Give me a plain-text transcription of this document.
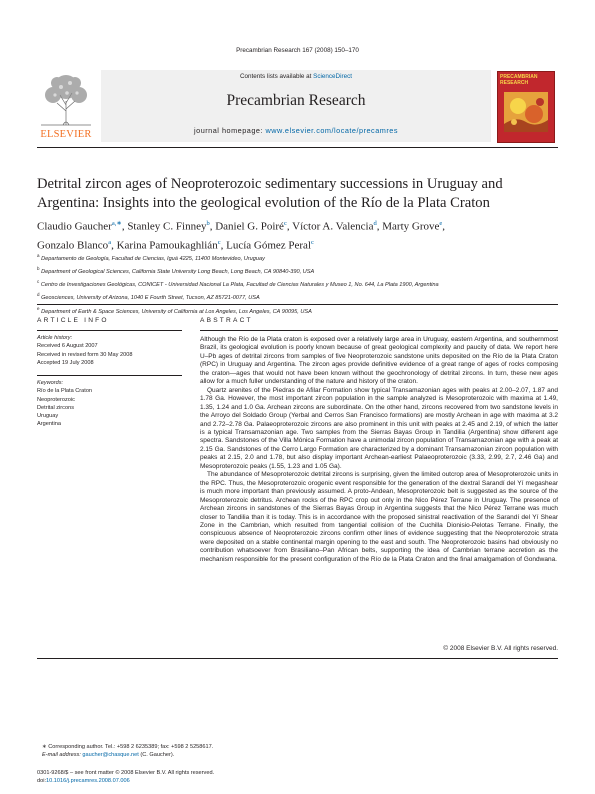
Precambrian Research 167 (2008) 150–170
ELSEVIER
Contents lists available at ScienceDirect
Precambrian Research
journal homepage: www.elsevier.com/locate/precamres
PRECAMBRIAN RESEARCH
Detrital zircon ages of Neoproterozoic sedimentary successions in Uruguay and
Argentina: Insights into the geological evolution of the Río de la Plata Craton
Claudio Gaucher$^{a,∗}$, Stanley C. Finney$^b$, Daniel G. Poiré$^c$, Víctor A. Valencia$^d$, Marty Grove$^e$,
Gonzalo Blanco$^a$, Karina Pamoukaghlián$^c$, Lucía Gómez Peral$^c$
$^a$ Departamento de Geología, Facultad de Ciencias, Iguá 4225, 11400 Montevideo, Uruguay
$^b$ Department of Geological Sciences, California State University Long Beach, Long Beach, CA 90840-390, USA
$^c$ Centro de Investigaciones Geológicas, CONICET - Universidad Nacional La Plata, Facultad de Ciencias Naturales y Museo 1, No. 644, La Plata 1900, Argentina
$^d$ Geosciences, University of Arizona, 1040 E Fourth Street, Tucson, AZ 85721-0077, USA
$^e$ Department of Earth & Space Sciences, University of California at Los Angeles, Los Angeles, CA 90095, USA
ARTICLE INFO	ABSTRACT
Article history:
Received 6 August 2007
Received in revised form 30 May 2008
Accepted 19 July 2008
Keywords:
Río de la Plata Craton
Neoproterozoic
Detrital zircons
Uruguay
Argentina

Although the Río de la Plata craton is exposed over a relatively large area in Uruguay, eastern Argentina, and southernmost Brazil, its geological evolution is poorly known because of great geological complexity and paucity of data. We report here U–Pb ages of detrital zircons from samples of five Neoproterozoic sandstone units deposited on the Río de la Plata Craton (RPC) in Uruguay and Argentina. The zircon ages provide definitive evidence of a great range of ages of rocks composing the craton—ages that would not have been known without the geochronology of detrital zircons. In turn, these new ages allow for a much fuller understanding of the nature and history of the craton.

Quartz arenites of the Piedras de Afilar Formation show typical Transamazonian ages with peaks at 2.00–2.07, 1.87 and 1.78 Ga. However, the most important zircon population in the sample analyzed is Mesoproterozoic with maxima at 1.49, 1.35, 1.24 and 1.0 Ga. Archean zircons are subordinate. On the other hand, zircons recovered from two sandstone levels in the Arroyo del Soldado Group (Yerbal and Cerros San Francisco formations) are mostly Archean in age with maxima at 3.2 and 2.72–2.78 Ga. Palaeoproterozoic zircons are also prominent in this unit with peaks at 2.45 and 2.19, of which the latter is a typical Transamazonian age. Two samples from the Sierras Bayas Group in Tandilia (Argentina) show different age spectra. Sandstones of the Villa Mónica Formation have a unimodal zircon population of Transamazonian age with a peak at 2.15 Ga. Sandstones of the Cerro Largo Formation are characterized by a dominant Transamazonian zircon population with peaks at 2.15, 2.0 and 1.78, but also display important Archean-earliest Palaeoproterozoic (3.33, 2.99, 2.7, 2.46 Ga) and Mesoproterozoic peaks (1.55, 1.23 and 1.05 Ga).

The abundance of Mesoproterozoic detrital zircons is surprising, given the limited outcrop area of Mesoproterozoic units in the RPC. Thus, the Mesoproterozoic orogenic event responsible for the generation of the dextral Sarandí del Yí megashear is much more important than previously assumed. A proto-Andean, Mesoproterozoic belt is suggested as the source of the Mesoproterozoic detritus. Archean rocks of the RPC crop out only in the Nico Pérez Terrane in Uruguay. The presence of Archean zircons in sandstones of the Sierras Bayas Group in Argentina suggests that the Nico Pérez Terrane was much closer to Tandilia than it is today. This is in accordance with the proposed sinistral reactivation of the Sarandí del Yí Shear Zone in the Cambrian, which resulted from tangential collision of the Cuchilla Dionisio-Pelotas Terrane. Finally, the conspicuous absence of Neoproterozoic zircons confirm other lines of evidence suggesting that the Neoproterozoic strata were deposited on a stable continental margin opening to the east and south. The Neoproterozoic basins had obviously no contribution whatsoever from Brasiliano–Pan African belts, supporting the idea of Cambrian terrane accretion as the mechanism responsible for the present configuration of the Río de la Plata Craton and the final amalgamation of Gondwana.

© 2008 Elsevier B.V. All rights reserved.
∗ Corresponding author. Tel.: +598 2 6235389; fax: +598 2 5258617.
E-mail address: gaucher@chasque.net (C. Gaucher).
0301-9268/$ – see front matter © 2008 Elsevier B.V. All rights reserved.
doi:10.1016/j.precamres.2008.07.006
